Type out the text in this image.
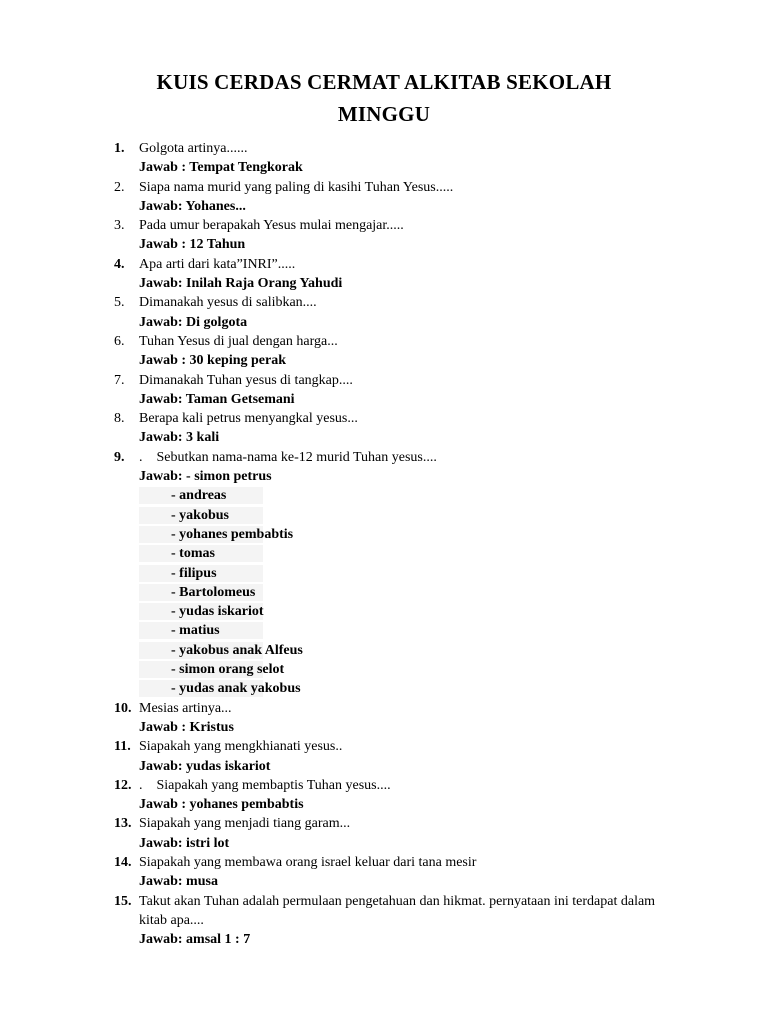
KUIS CERDAS CERMAT ALKITAB SEKOLAH
MINGGU
1.	Golgota artinya......
Jawab : Tempat Tengkorak
2.	Siapa nama murid yang paling di kasihi Tuhan Yesus.....
Jawab: Yohanes...
3.	Pada umur berapakah Yesus mulai mengajar.....
Jawab : 12 Tahun
4.	Apa arti dari kata”INRI”.....
Jawab: Inilah Raja Orang Yahudi
5.	Dimanakah yesus di salibkan....
Jawab: Di golgota
6.	Tuhan Yesus di jual dengan harga...
Jawab : 30 keping perak
7.	Dimanakah Tuhan yesus di tangkap....
Jawab: Taman Getsemani
8.	Berapa kali petrus menyangkal yesus...
Jawab: 3 kali
9.	.    Sebutkan nama-nama ke-12 murid Tuhan yesus....
Jawab: - simon petrus
- andreas
- yakobus
- yohanes pembabtis
- tomas
- filipus
- Bartolomeus
- yudas iskariot
- matius
- yakobus anak Alfeus
- simon orang selot
- yudas anak yakobus
10. Mesias artinya...
Jawab : Kristus
11. Siapakah yang mengkhianati yesus..
Jawab: yudas iskariot
12. .    Siapakah yang membaptis Tuhan yesus....
Jawab : yohanes pembabtis
13. Siapakah yang menjadi tiang garam...
Jawab: istri lot
14. Siapakah yang membawa orang israel keluar dari tana mesir
Jawab: musa
15. Takut akan Tuhan adalah permulaan pengetahuan dan hikmat. pernyataan ini terdapat dalam kitab apa....
Jawab: amsal 1 : 7
